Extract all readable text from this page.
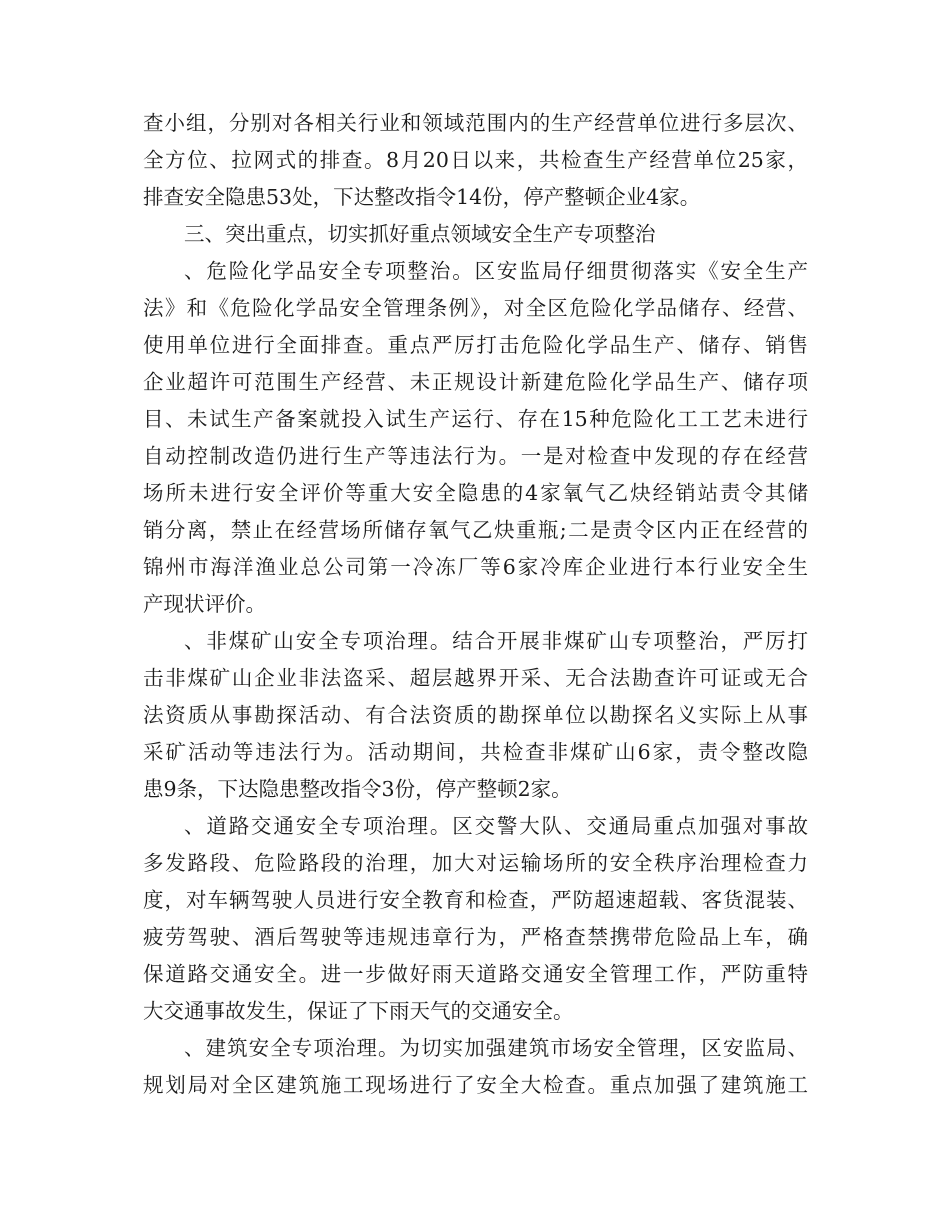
查小组，分别对各相关行业和领域范围内的生产经营单位进行多层次、
全方位、拉网式的排查。8月20日以来，共检查生产经营单位25家，
排查安全隐患53处，下达整改指令14份，停产整顿企业4家。
三、突出重点，切实抓好重点领域安全生产专项整治
、危险化学品安全专项整治。区安监局仔细贯彻落实《安全生产
法》和《危险化学品安全管理条例》，对全区危险化学品储存、经营、
使用单位进行全面排查。重点严厉打击危险化学品生产、储存、销售
企业超许可范围生产经营、未正规设计新建危险化学品生产、储存项
目、未试生产备案就投入试生产运行、存在15种危险化工工艺未进行
自动控制改造仍进行生产等违法行为。一是对检查中发现的存在经营
场所未进行安全评价等重大安全隐患的4家氧气乙炔经销站责令其储
销分离，禁止在经营场所储存氧气乙炔重瓶;二是责令区内正在经营的
锦州市海洋渔业总公司第一冷冻厂等6家冷库企业进行本行业安全生
产现状评价。
、非煤矿山安全专项治理。结合开展非煤矿山专项整治，严厉打
击非煤矿山企业非法盗采、超层越界开采、无合法勘查许可证或无合
法资质从事勘探活动、有合法资质的勘探单位以勘探名义实际上从事
采矿活动等违法行为。活动期间，共检查非煤矿山6家，责令整改隐
患9条，下达隐患整改指令3份，停产整顿2家。
、道路交通安全专项治理。区交警大队、交通局重点加强对事故
多发路段、危险路段的治理，加大对运输场所的安全秩序治理检查力
度，对车辆驾驶人员进行安全教育和检查，严防超速超载、客货混装、
疲劳驾驶、酒后驾驶等违规违章行为，严格查禁携带危险品上车，确
保道路交通安全。进一步做好雨天道路交通安全管理工作，严防重特
大交通事故发生，保证了下雨天气的交通安全。
、建筑安全专项治理。为切实加强建筑市场安全管理，区安监局、
规划局对全区建筑施工现场进行了安全大检查。重点加强了建筑施工
